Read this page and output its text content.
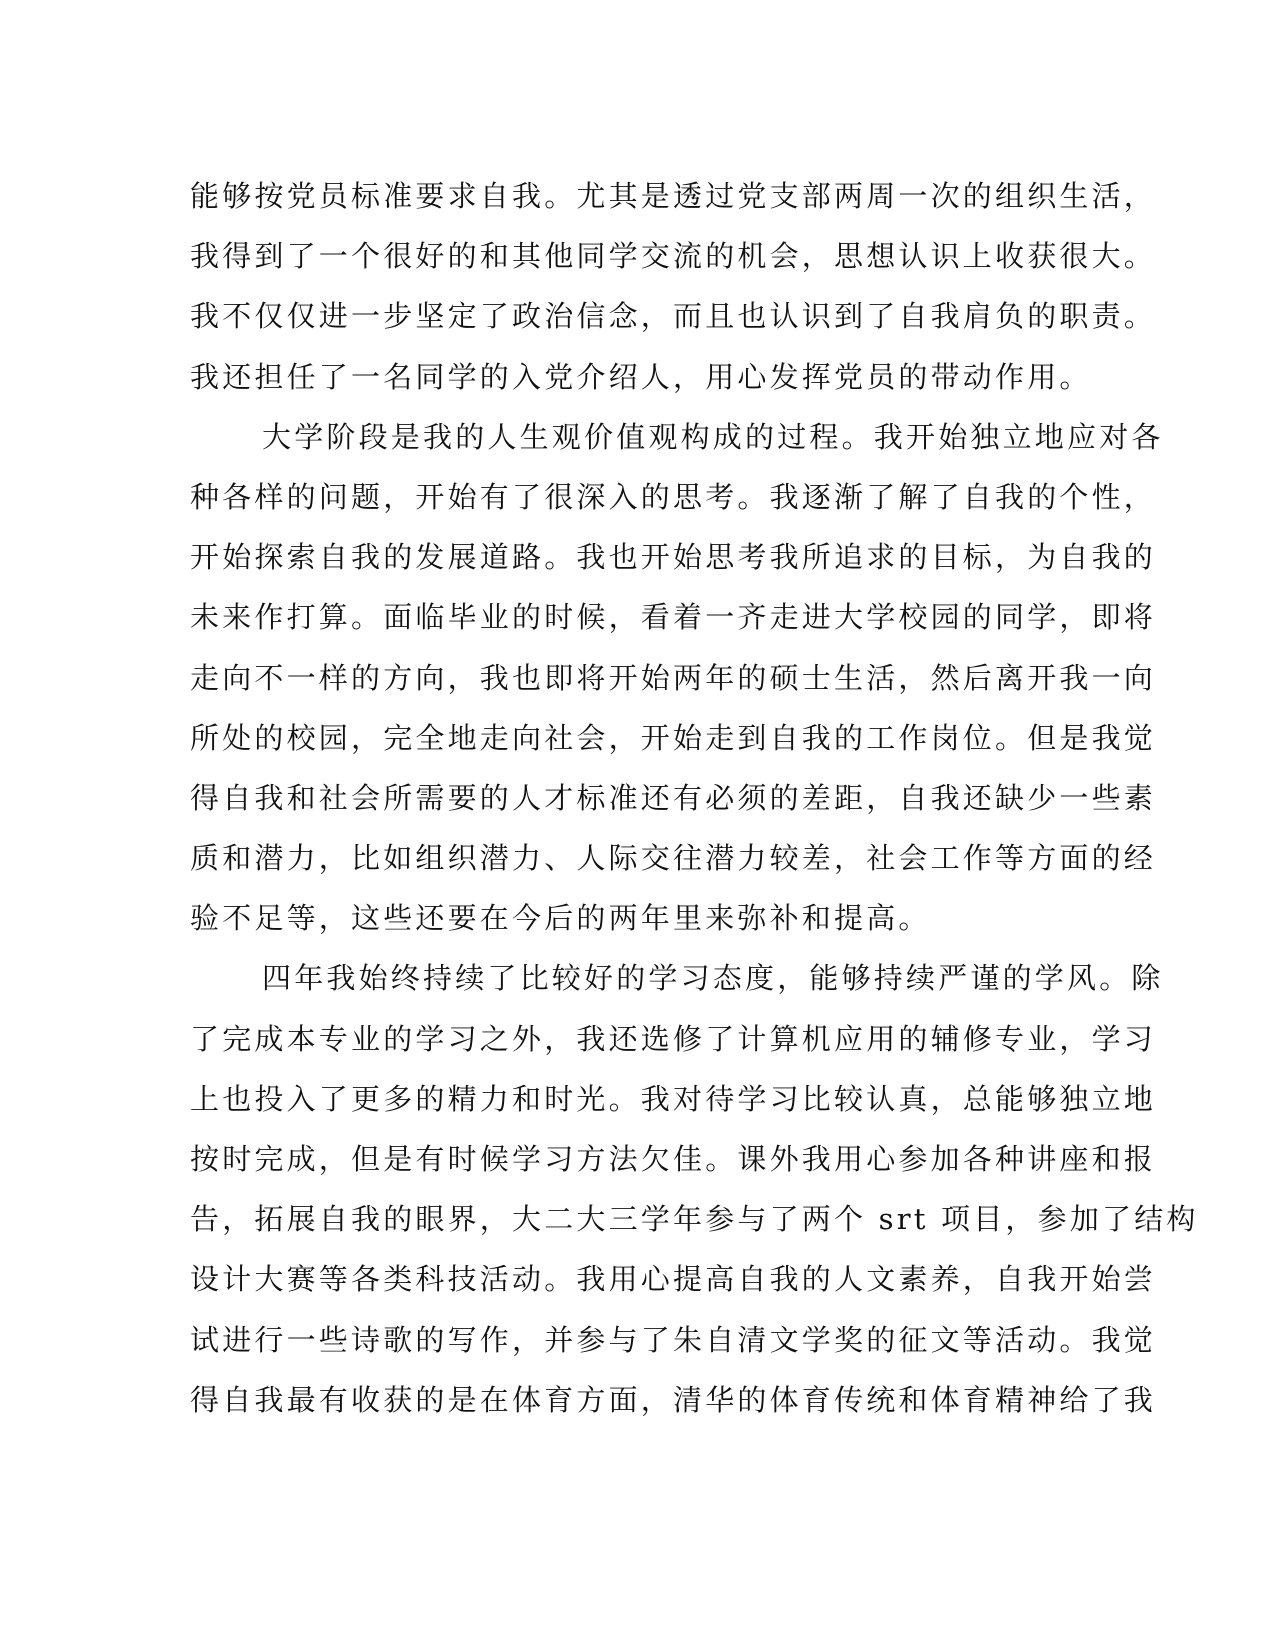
能够按党员标准要求自我。尤其是透过党支部两周一次的组织生活，
我得到了一个很好的和其他同学交流的机会，思想认识上收获很大。
我不仅仅进一步坚定了政治信念，而且也认识到了自我肩负的职责。
我还担任了一名同学的入党介绍人，用心发挥党员的带动作用。
大学阶段是我的人生观价值观构成的过程。我开始独立地应对各
种各样的问题，开始有了很深入的思考。我逐渐了解了自我的个性，
开始探索自我的发展道路。我也开始思考我所追求的目标，为自我的
未来作打算。面临毕业的时候，看着一齐走进大学校园的同学，即将
走向不一样的方向，我也即将开始两年的硕士生活，然后离开我一向
所处的校园，完全地走向社会，开始走到自我的工作岗位。但是我觉
得自我和社会所需要的人才标准还有必须的差距，自我还缺少一些素
质和潜力，比如组织潜力、人际交往潜力较差，社会工作等方面的经
验不足等，这些还要在今后的两年里来弥补和提高。
四年我始终持续了比较好的学习态度，能够持续严谨的学风。除
了完成本专业的学习之外，我还选修了计算机应用的辅修专业，学习
上也投入了更多的精力和时光。我对待学习比较认真，总能够独立地
按时完成，但是有时候学习方法欠佳。课外我用心参加各种讲座和报
告，拓展自我的眼界，大二大三学年参与了两个 srt 项目，参加了结构
设计大赛等各类科技活动。我用心提高自我的人文素养，自我开始尝
试进行一些诗歌的写作，并参与了朱自清文学奖的征文等活动。我觉
得自我最有收获的是在体育方面，清华的体育传统和体育精神给了我
